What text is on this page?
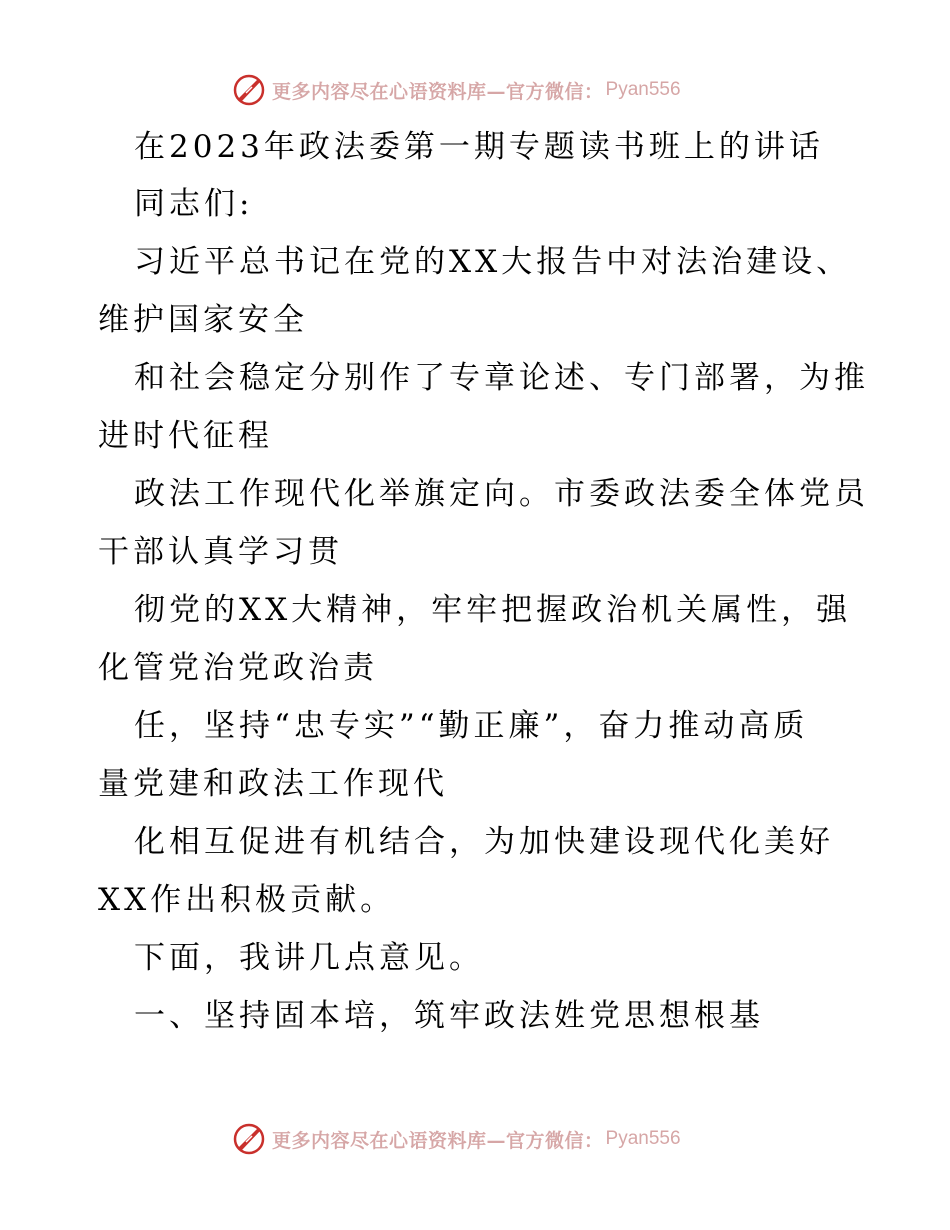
更多内容尽在心语资料库—官方微信： Pyan556
在2023年政法委第一期专题读书班上的讲话
同志们:
习近平总书记在党的XX大报告中对法治建设、
维护国家安全
和社会稳定分别作了专章论述、专门部署，为推
进时代征程
政法工作现代化举旗定向。市委政法委全体党员
干部认真学习贯
彻党的XX大精神，牢牢把握政治机关属性，强
化管党治党政治责
任，坚持“忠专实”“勤正廉”，奋力推动高质
量党建和政法工作现代
化相互促进有机结合，为加快建设现代化美好
XX作出积极贡献。
下面，我讲几点意见。
一、坚持固本培，筑牢政法姓党思想根基
更多内容尽在心语资料库—官方微信： Pyan556
